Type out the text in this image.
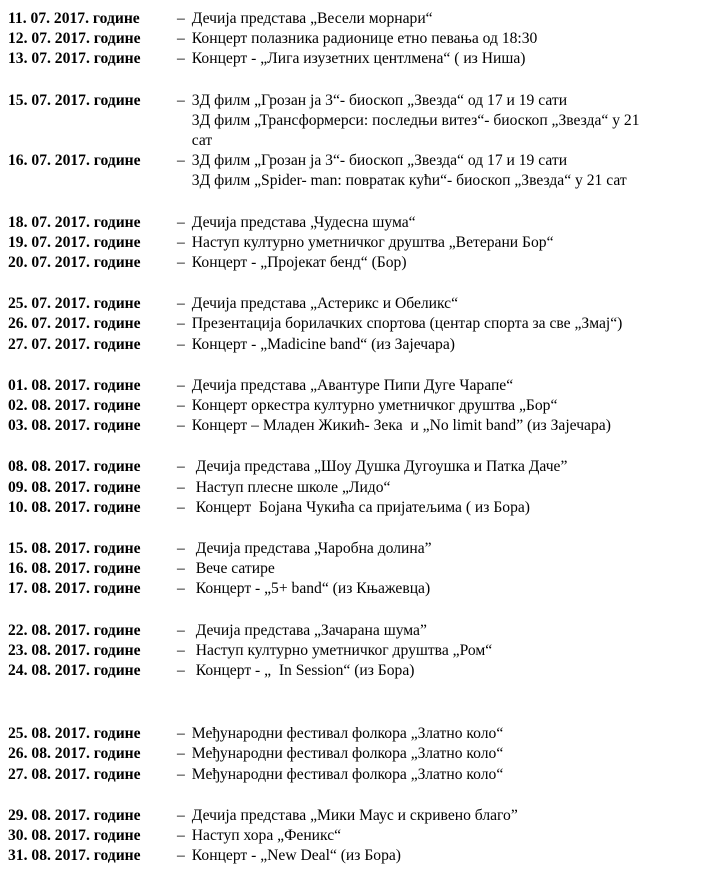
11. 07. 2017. године	– Дечија представа „Весели морнари“
12. 07. 2017. године	– Концерт полазника радионице етно певања од 18:30
13. 07. 2017. године	– Концерт - „Лига изузетних центлмена“ ( из Ниша)
15. 07. 2017. године	– 3Д филм „Грозан ја 3“- биоскоп „Звезда“ од 17 и 19 сати
3Д филм „Трансформерси: последњи витез“- биоскоп „Звезда“ у 21
сат
16. 07. 2017. године	– 3Д филм „Грозан ја 3“- биоскоп „Звезда“ од 17 и 19 сати
3Д филм „Spider- man: повратак кући“- биоскоп „Звезда“ у 21 сат
18. 07. 2017. године	– Дечија представа „Чудесна шума“
19. 07. 2017. године	– Наступ културно уметничког друштва „Ветерани Бор“
20. 07. 2017. године	– Концерт - „Пројекат бенд“ (Бор)
25. 07. 2017. године	– Дечија представа „Астерикс и Обеликс“
26. 07. 2017. године	– Презентација борилачких спортова (центар спорта за све „Змај“)
27. 07. 2017. године	– Концерт - „Madicine band“ (из Зајечара)
01. 08. 2017. године	– Дечија представа „Авантуре Пипи Дуге Чарапе“
02. 08. 2017. године	– Концерт оркестра културно уметничког друштва „Бор“
03. 08. 2017. године	– Концерт – Младен Жикић- Зека  и „No limit band” (из Зајечара)
08. 08. 2017. године	– Дечија представа „Шоу Душка Дугоушка и Патка Даче”
09. 08. 2017. године	– Наступ плесне школе „Лидо“
10. 08. 2017. године	– Концерт  Бојана Чукића са пријатељима ( из Бора)
15. 08. 2017. године	– Дечија представа „Чаробна долина”
16. 08. 2017. године	– Вече сатире
17. 08. 2017. године	– Концерт - „5+ band“ (из Књажевца)
22. 08. 2017. године	– Дечија представа „Зачарана шума”
23. 08. 2017. године	– Наступ културно уметничког друштва „Ром“
24. 08. 2017. године	– Концерт - „  In Session“ (из Бора)
25. 08. 2017. године	– Међународни фестивал фолкора „Златно коло“
26. 08. 2017. године	– Међународни фестивал фолкора „Златно коло“
27. 08. 2017. године	– Међународни фестивал фолкора „Златно коло“
29. 08. 2017. године	– Дечија представа „Мики Маус и скривено благо”
30. 08. 2017. године	– Наступ хора „Феникс“
31. 08. 2017. године	– Концерт - „New Deal“ (из Бора)
